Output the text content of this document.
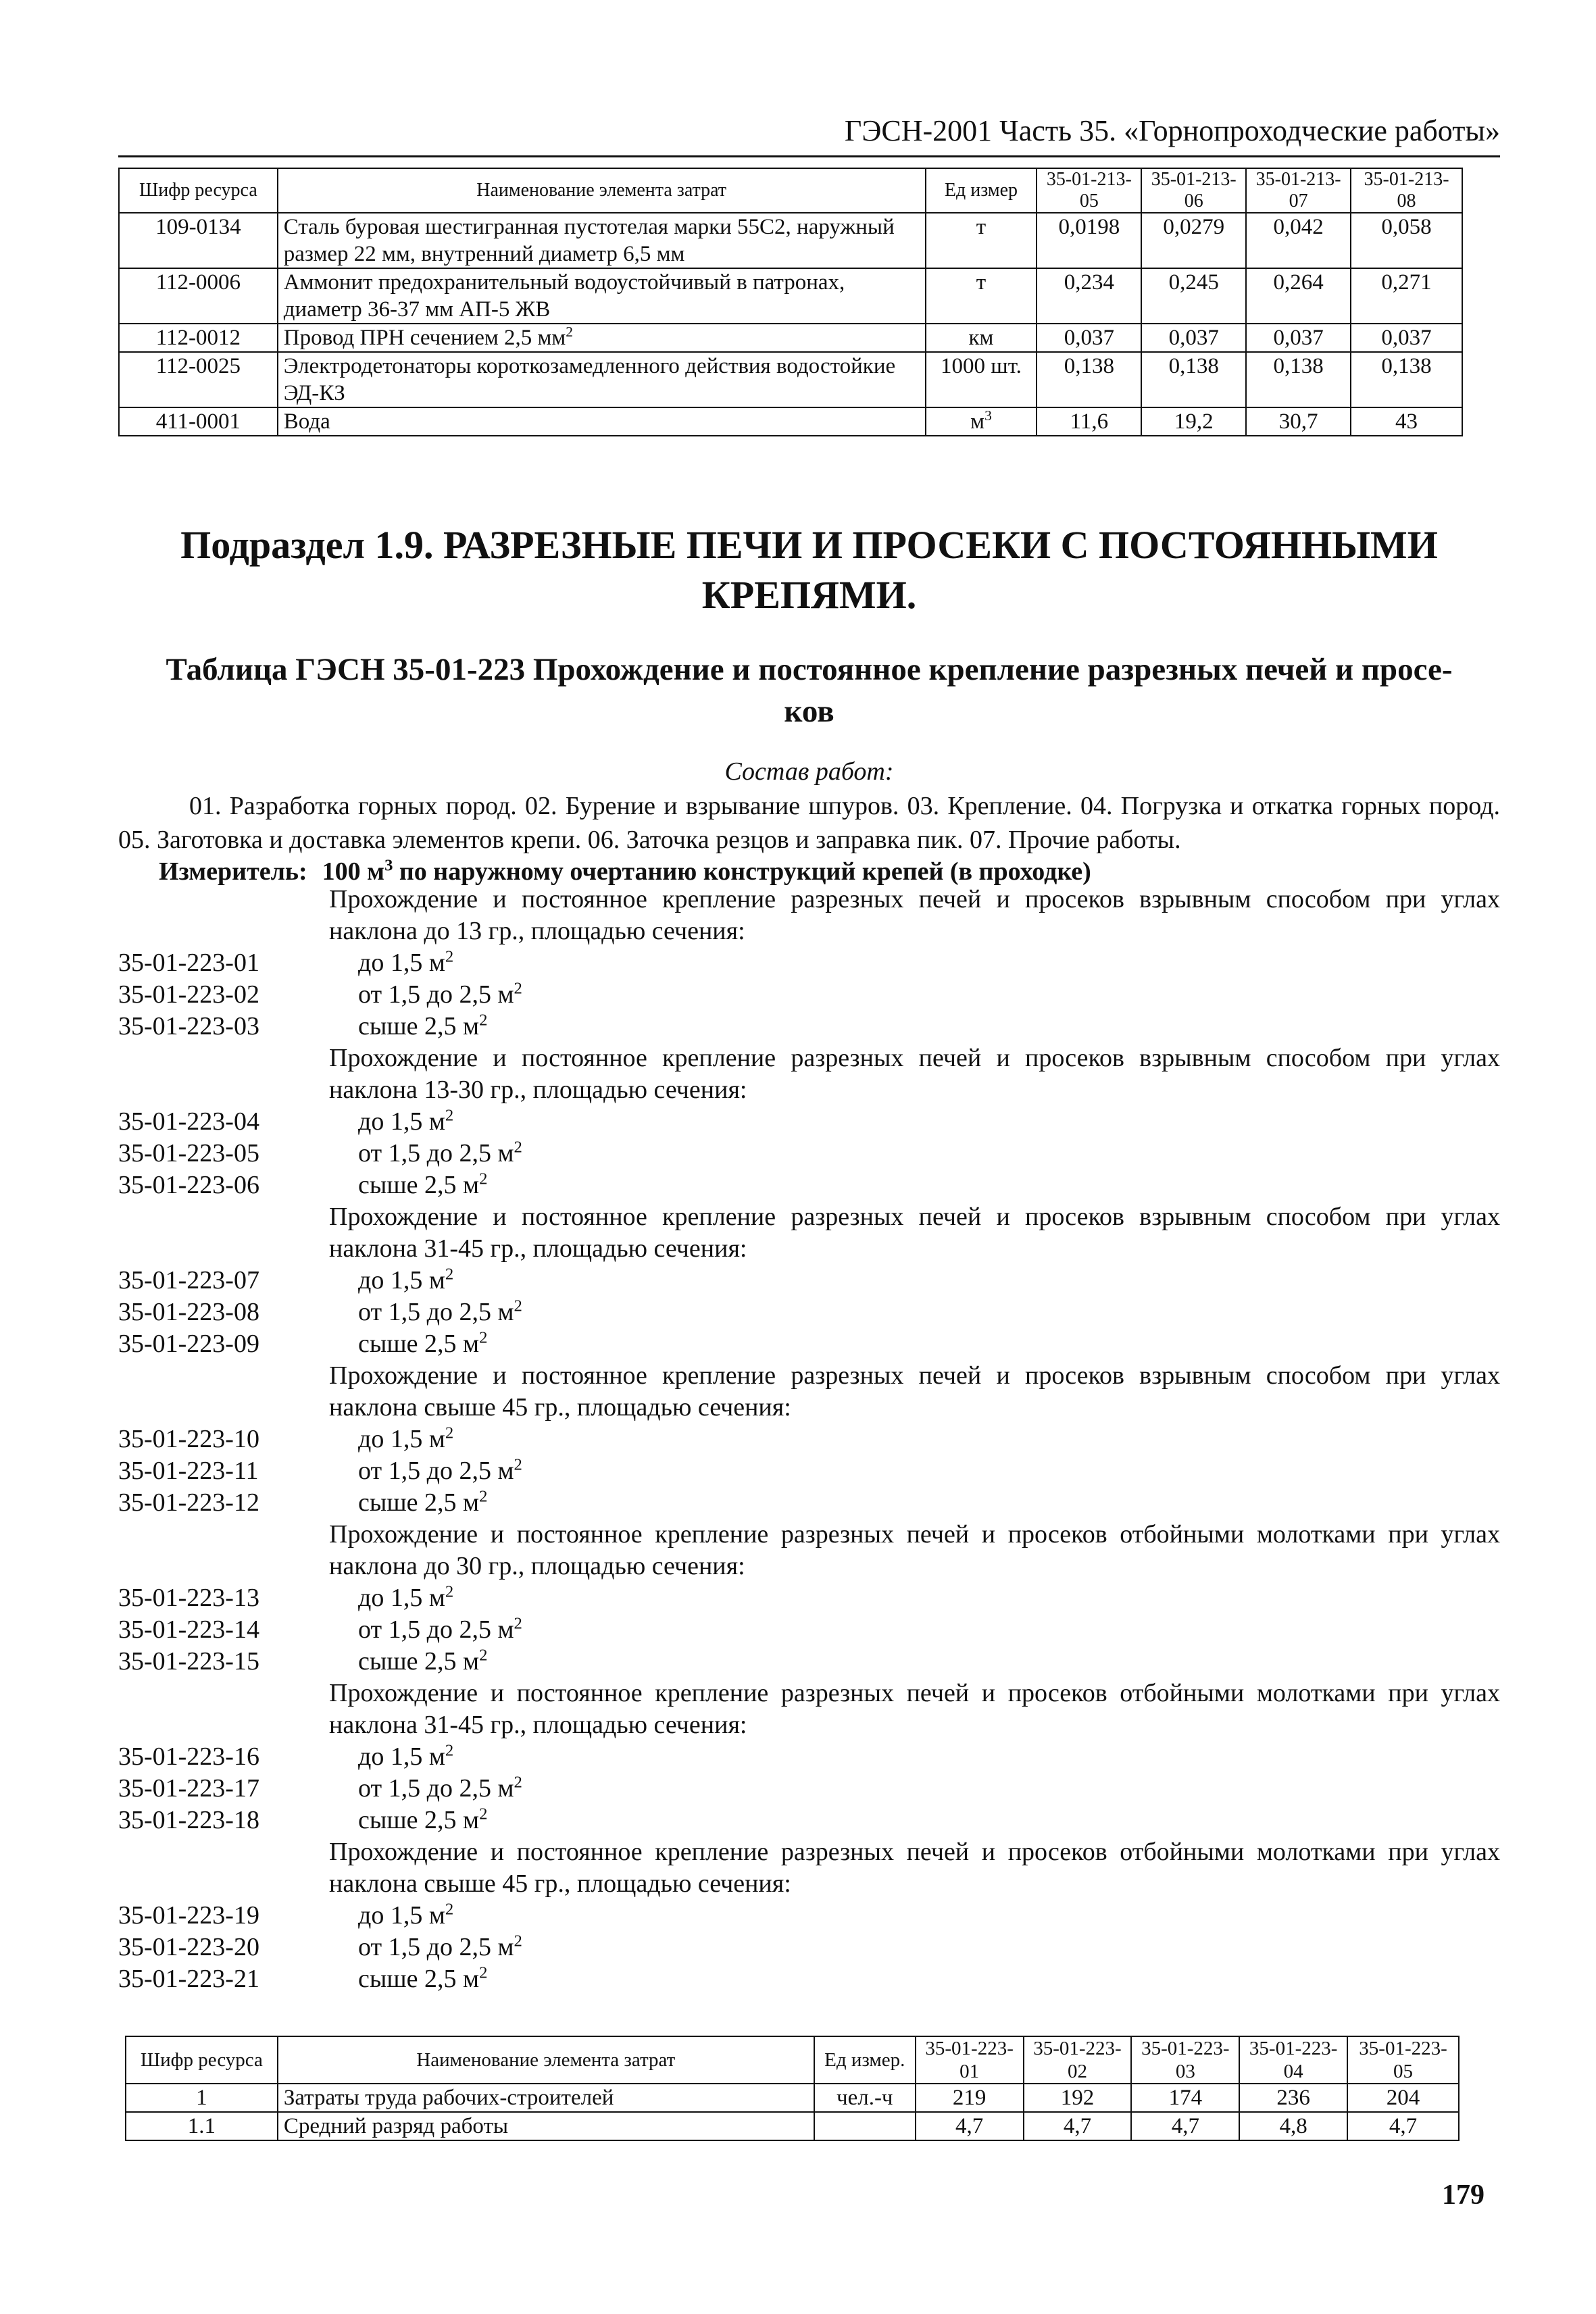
ГЭСН-2001 Часть 35. «Горнопроходческие работы»
Шифр ресурса	Наименование элемента затрат	Ед измер	35-01-213-05	35-01-213-06	35-01-213-07	35-01-213-08
109-0134	Сталь буровая шестигранная пустотелая марки 55С2, наружный размер 22 мм, внутренний диаметр 6,5 мм	т	0,0198	0,0279	0,042	0,058
112-0006	Аммонит предохранительный водоустойчивый в патронах, диаметр 36-37 мм АП-5 ЖВ	т	0,234	0,245	0,264	0,271
112-0012	Провод ПРН сечением 2,5 $мм^2$	км	0,037	0,037	0,037	0,037
112-0025	Электродетонаторы короткозамедленного действия водостойкие ЭД-КЗ	1000 шт.	0,138	0,138	0,138	0,138
411-0001	Вода	$м^3$	11,6	19,2	30,7	43
Подраздел 1.9. РАЗРЕЗНЫЕ ПЕЧИ И ПРОСЕКИ С ПОСТОЯННЫМИ
КРЕПЯМИ.
Таблица ГЭСН 35-01-223 Прохождение и постоянное крепление разрезных печей и просе-
ков
Состав работ:
01. Разработка горных пород. 02. Бурение и взрывание шпуров. 03. Крепление. 04. Погрузка и откатка горных пород. 05. Заготовка и доставка элементов крепи. 06. Заточка резцов и заправка пик. 07. Прочие работы.
Измеритель: 100 $м^3$ по наружному очертанию конструкций крепей (в проходке)
Прохождение и постоянное крепление разрезных печей и просеков взрывным способом при углах наклона до 13 гр., площадью сечения:
35-01-223-01	до 1,5 $м^2$
35-01-223-02	от 1,5 до 2,5 $м^2$
35-01-223-03	сыше 2,5 $м^2$
Прохождение и постоянное крепление разрезных печей и просеков взрывным способом при углах наклона 13-30 гр., площадью сечения:
35-01-223-04	до 1,5 $м^2$
35-01-223-05	от 1,5 до 2,5 $м^2$
35-01-223-06	сыше 2,5 $м^2$
Прохождение и постоянное крепление разрезных печей и просеков взрывным способом при углах наклона 31-45 гр., площадью сечения:
35-01-223-07	до 1,5 $м^2$
35-01-223-08	от 1,5 до 2,5 $м^2$
35-01-223-09	сыше 2,5 $м^2$
Прохождение и постоянное крепление разрезных печей и просеков взрывным способом при углах наклона свыше 45 гр., площадью сечения:
35-01-223-10	до 1,5 $м^2$
35-01-223-11	от 1,5 до 2,5 $м^2$
35-01-223-12	сыше 2,5 $м^2$
Прохождение и постоянное крепление разрезных печей и просеков отбойными молотками при углах наклона до 30 гр., площадью сечения:
35-01-223-13	до 1,5 $м^2$
35-01-223-14	от 1,5 до 2,5 $м^2$
35-01-223-15	сыше 2,5 $м^2$
Прохождение и постоянное крепление разрезных печей и просеков отбойными молотками при углах наклона 31-45 гр., площадью сечения:
35-01-223-16	до 1,5 $м^2$
35-01-223-17	от 1,5 до 2,5 $м^2$
35-01-223-18	сыше 2,5 $м^2$
Прохождение и постоянное крепление разрезных печей и просеков отбойными молотками при углах наклона свыше 45 гр., площадью сечения:
35-01-223-19	до 1,5 $м^2$
35-01-223-20	от 1,5 до 2,5 $м^2$
35-01-223-21	сыше 2,5 $м^2$
Шифр ресурса	Наименование элемента затрат	Ед измер.	35-01-223-01	35-01-223-02	35-01-223-03	35-01-223-04	35-01-223-05
1	Затраты труда рабочих-строителей	чел.-ч	219	192	174	236	204
1.1	Средний разряд работы		4,7	4,7	4,7	4,8	4,7
179
